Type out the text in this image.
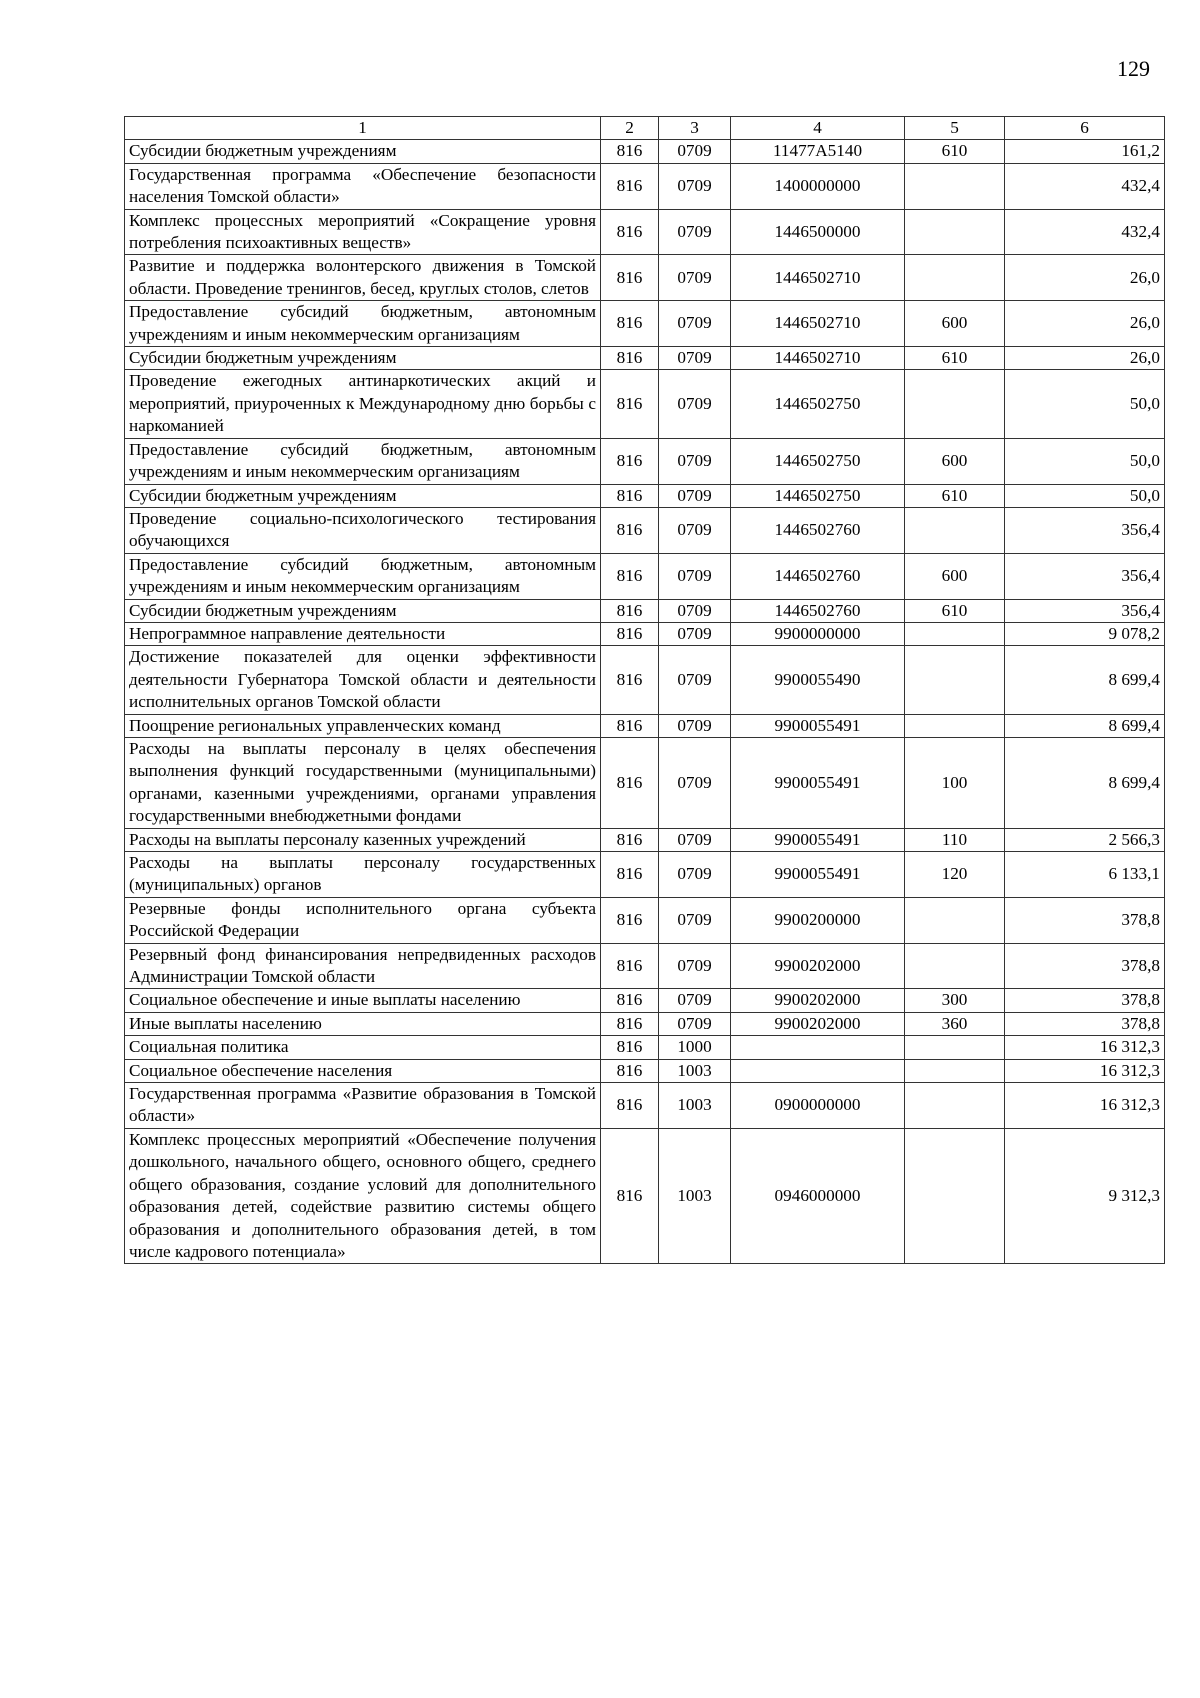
129
1	2	3	4	5	6
Субсидии бюджетным учреждениям	816	0709	11477A5140	610	161,2
Государственная программа «Обеспечение безопасности населения Томской области»	816	0709	1400000000		432,4
Комплекс процессных мероприятий «Сокращение уровня потребления психоактивных веществ»	816	0709	1446500000		432,4
Развитие и поддержка волонтерского движения в Томской области. Проведение тренингов, бесед, круглых столов, слетов	816	0709	1446502710		26,0
Предоставление субсидий бюджетным, автономным учреждениям и иным некоммерческим организациям	816	0709	1446502710	600	26,0
Субсидии бюджетным учреждениям	816	0709	1446502710	610	26,0
Проведение ежегодных антинаркотических акций и мероприятий, приуроченных к Международному дню борьбы с наркоманией	816	0709	1446502750		50,0
Предоставление субсидий бюджетным, автономным учреждениям и иным некоммерческим организациям	816	0709	1446502750	600	50,0
Субсидии бюджетным учреждениям	816	0709	1446502750	610	50,0
Проведение социально-психологического тестирования обучающихся	816	0709	1446502760		356,4
Предоставление субсидий бюджетным, автономным учреждениям и иным некоммерческим организациям	816	0709	1446502760	600	356,4
Субсидии бюджетным учреждениям	816	0709	1446502760	610	356,4
Непрограммное направление деятельности	816	0709	9900000000		9 078,2
Достижение показателей для оценки эффективности деятельности Губернатора Томской области и деятельности исполнительных органов Томской области	816	0709	9900055490		8 699,4
Поощрение региональных управленческих команд	816	0709	9900055491		8 699,4
Расходы на выплаты персоналу в целях обеспечения выполнения функций государственными (муниципальными) органами, казенными учреждениями, органами управления государственными внебюджетными фондами	816	0709	9900055491	100	8 699,4
Расходы на выплаты персоналу казенных учреждений	816	0709	9900055491	110	2 566,3
Расходы на выплаты персоналу государственных (муниципальных) органов	816	0709	9900055491	120	6 133,1
Резервные фонды исполнительного органа субъекта Российской Федерации	816	0709	9900200000		378,8
Резервный фонд финансирования непредвиденных расходов Администрации Томской области	816	0709	9900202000		378,8
Социальное обеспечение и иные выплаты населению	816	0709	9900202000	300	378,8
Иные выплаты населению	816	0709	9900202000	360	378,8
Социальная политика	816	1000			16 312,3
Социальное обеспечение населения	816	1003			16 312,3
Государственная программа «Развитие образования в Томской области»	816	1003	0900000000		16 312,3
Комплекс процессных мероприятий «Обеспечение получения дошкольного, начального общего, основного общего, среднего общего образования, создание условий для дополнительного образования детей, содействие развитию системы общего образования и дополнительного образования детей, в том числе кадрового потенциала»	816	1003	0946000000		9 312,3
